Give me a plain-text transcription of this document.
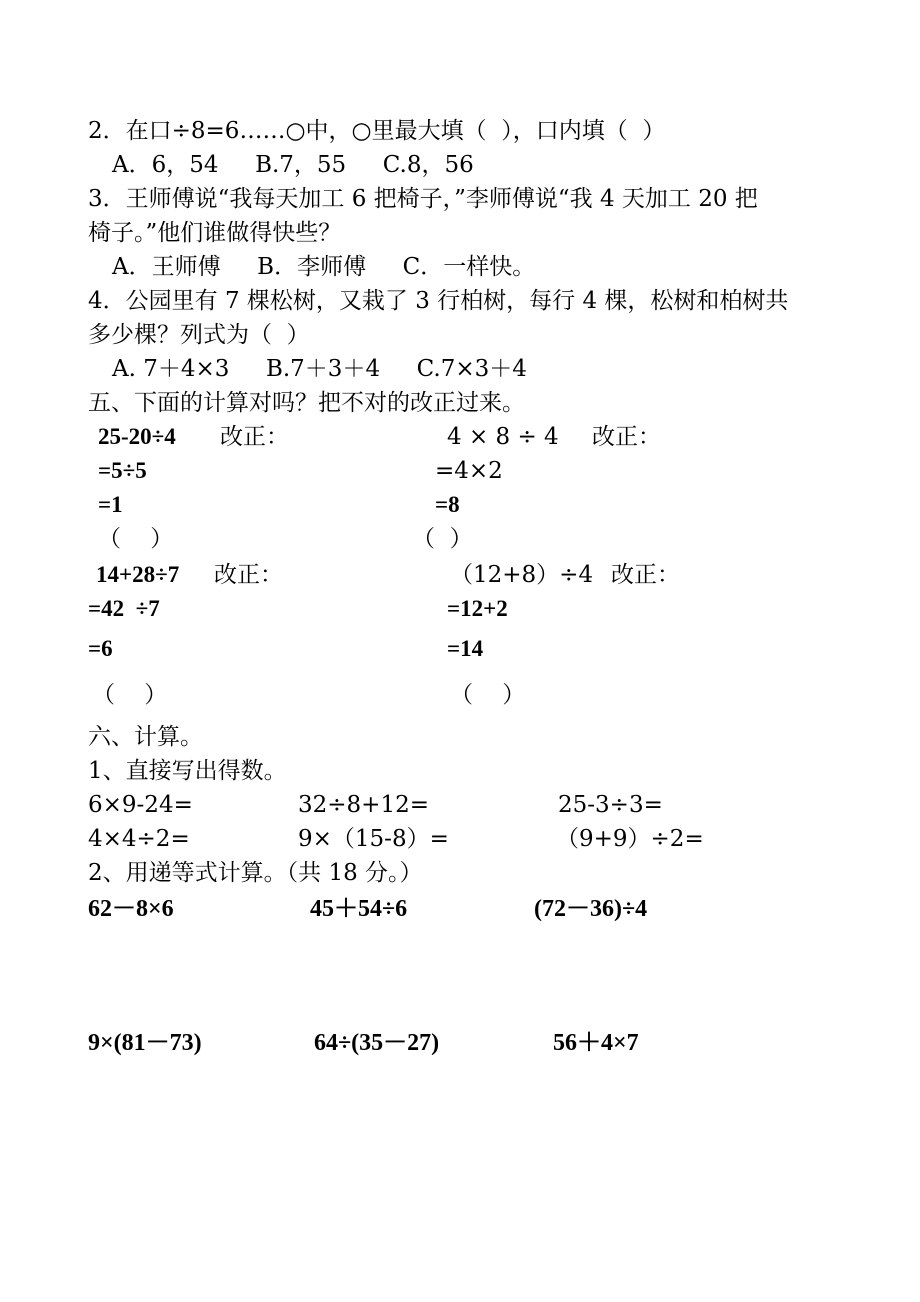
2．在口÷8=6……○中，○里最大填（  ），口内填（  ）
A．6，54     B.7，55     C.8，56
3．王师傅说“我每天加工 6 把椅子，”李师傅说“我 4 天加工 20 把
椅子。”他们谁做得快些？
A．王师傅     B．李师傅     C．一样快。
4．公园里有 7 棵松树，又栽了 3 行柏树，每行 4 棵，松树和柏树共
多少棵？列式为（  ）
A. 7＋4×3     B.7＋3＋4     C.7×3＋4
五、下面的计算对吗？把不对的改正过来。
25-20÷4 改正：
=5÷5
=1
（    ）
4 × 8 ÷ 4 改正：
=4×2
=8
（  ）
14+28÷7 改正：
=42  ÷7
=6
（    ）
（12+8）÷4 改正：
=12+2
=14
（    ）
六、计算。
1、直接写出得数。
6×9-24=	32÷8+12=	25-3÷3=
4×4÷2=	9×（15-8）=	（9+9）÷2=
2、用递等式计算。（共 18 分。）
62－8×6	45＋54÷6	(72－36)÷4
9×(81－73)	64÷(35－27)	56＋4×7
